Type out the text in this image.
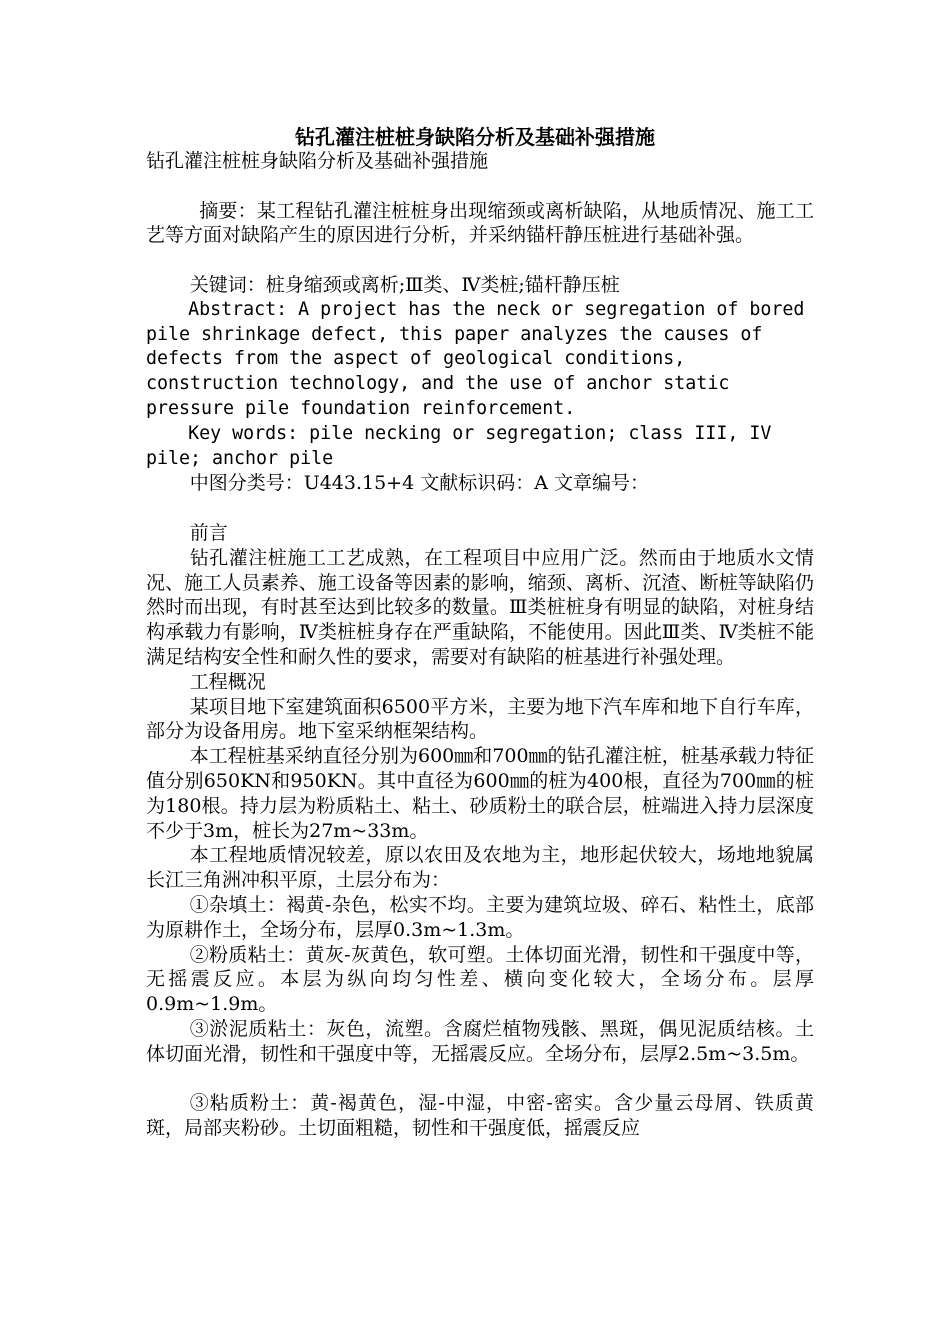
钻孔灌注桩桩身缺陷分析及基础补强措施

钻孔灌注桩桩身缺陷分析及基础补强措施

摘要：某工程钻孔灌注桩桩身出现缩颈或离析缺陷，从地质情况、施工工艺等方面对缺陷产生的原因进行分析，并采纳锚杆静压桩进行基础补强。

关键词：桩身缩颈或离析;Ⅲ类、Ⅳ类桩;锚杆静压桩

Abstract: A project has the neck or segregation of bored pile shrinkage defect, this paper analyzes the causes of defects from the aspect of geological conditions, construction technology, and the use of anchor static pressure pile foundation reinforcement.

Key words: pile necking or segregation; class III, IV pile; anchor pile

中图分类号：U443.15+4 文献标识码：A 文章编号：

前言

钻孔灌注桩施工工艺成熟，在工程项目中应用广泛。然而由于地质水文情况、施工人员素养、施工设备等因素的影响，缩颈、离析、沉渣、断桩等缺陷仍然时而出现，有时甚至达到比较多的数量。Ⅲ类桩桩身有明显的缺陷，对桩身结构承载力有影响，Ⅳ类桩桩身存在严重缺陷，不能使用。因此Ⅲ类、Ⅳ类桩不能满足结构安全性和耐久性的要求，需要对有缺陷的桩基进行补强处理。

工程概况

某项目地下室建筑面积6500平方米，主要为地下汽车库和地下自行车库，部分为设备用房。地下室采纳框架结构。

本工程桩基采纳直径分别为600㎜和700㎜的钻孔灌注桩，桩基承载力特征值分别650KN和950KN。其中直径为600㎜的桩为400根，直径为700㎜的桩为180根。持力层为粉质粘土、粘土、砂质粉土的联合层，桩端进入持力层深度不少于3m，桩长为27m~33m。

本工程地质情况较差，原以农田及农地为主，地形起伏较大，场地地貌属长江三角洲冲积平原，土层分布为：

①杂填土：褐黄-杂色，松实不均。主要为建筑垃圾、碎石、粘性土，底部为原耕作土，全场分布，层厚0.3m~1.3m。

②粉质粘土：黄灰-灰黄色，软可塑。土体切面光滑，韧性和干强度中等，无摇震反应。本层为纵向均匀性差、横向变化较大，全场分布。层厚0.9m~1.9m。

③淤泥质粘土：灰色，流塑。含腐烂植物残骸、黑斑，偶见泥质结核。土体切面光滑，韧性和干强度中等，无摇震反应。全场分布，层厚2.5m~3.5m。

③粘质粉土：黄-褐黄色，湿-中湿，中密-密实。含少量云母屑、铁质黄斑，局部夹粉砂。土切面粗糙，韧性和干强度低，摇震反应
